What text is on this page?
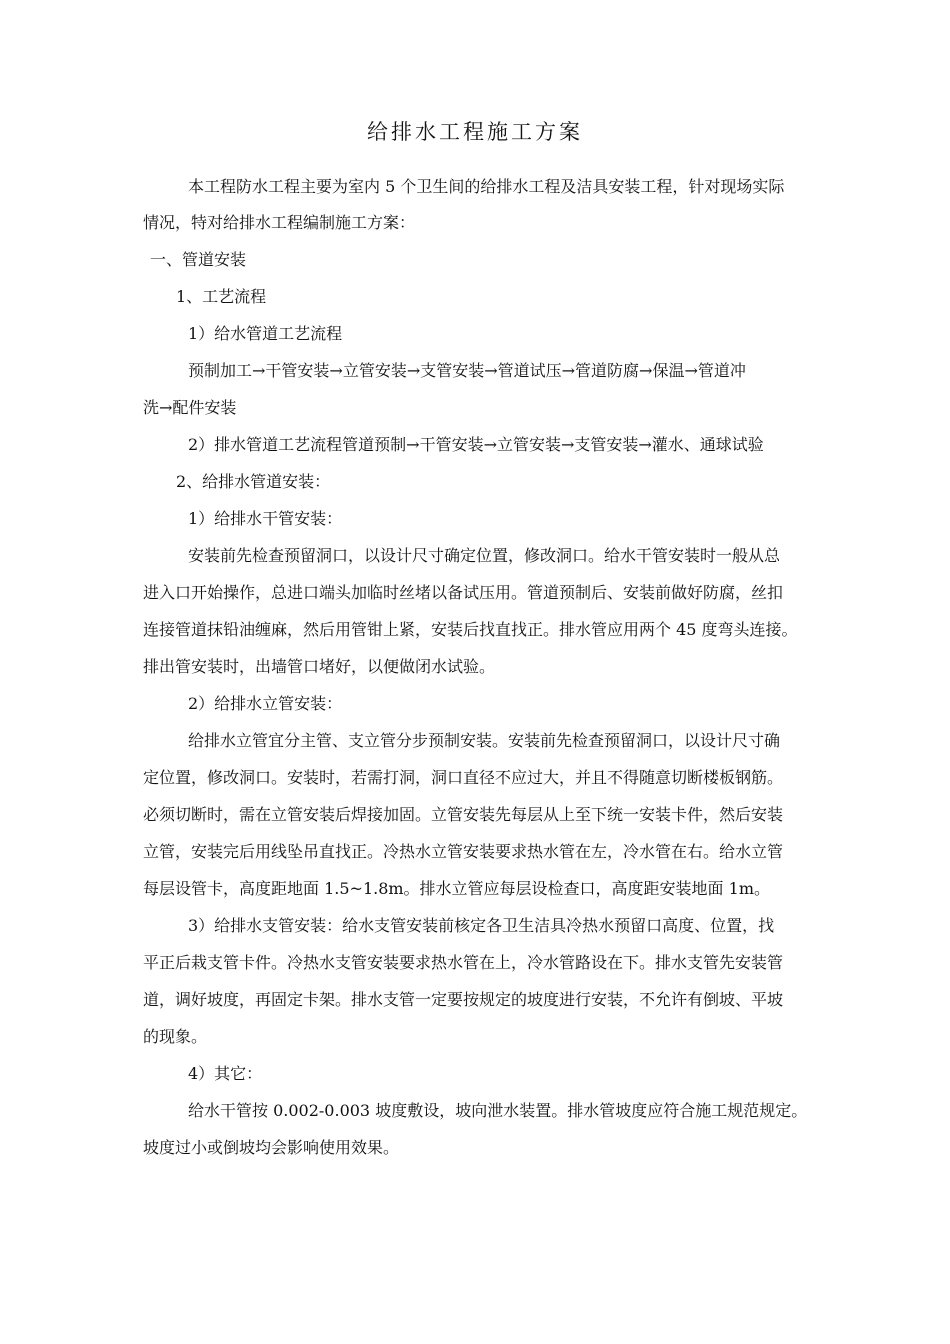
给排水工程施工方案
本工程防水工程主要为室内 5 个卫生间的给排水工程及洁具安装工程，针对现场实际
情况，特对给排水工程编制施工方案：
一、管道安装
1、工艺流程
1）给水管道工艺流程
预制加工→干管安装→立管安装→支管安装→管道试压→管道防腐→保温→管道冲
洗→配件安装
2）排水管道工艺流程管道预制→干管安装→立管安装→支管安装→灌水、通球试验
2、给排水管道安装：
1）给排水干管安装：
安装前先检查预留洞口，以设计尺寸确定位置，修改洞口。给水干管安装时一般从总
进入口开始操作，总进口端头加临时丝堵以备试压用。管道预制后、安装前做好防腐，丝扣
连接管道抹铅油缠麻，然后用管钳上紧，安装后找直找正。排水管应用两个 45 度弯头连接。
排出管安装时，出墙管口堵好，以便做闭水试验。
2）给排水立管安装：
给排水立管宜分主管、支立管分步预制安装。安装前先检查预留洞口，以设计尺寸确
定位置，修改洞口。安装时，若需打洞，洞口直径不应过大，并且不得随意切断楼板钢筋。
必须切断时，需在立管安装后焊接加固。立管安装先每层从上至下统一安装卡件，然后安装
立管，安装完后用线坠吊直找正。冷热水立管安装要求热水管在左，冷水管在右。给水立管
每层设管卡，高度距地面 1.5~1.8m。排水立管应每层设检查口，高度距安装地面 1m。
3）给排水支管安装：给水支管安装前核定各卫生洁具冷热水预留口高度、位置，找
平正后栽支管卡件。冷热水支管安装要求热水管在上，冷水管路设在下。排水支管先安装管
道，调好坡度，再固定卡架。排水支管一定要按规定的坡度进行安装，不允许有倒坡、平坡
的现象。
4）其它：
给水干管按 0.002-0.003 坡度敷设，坡向泄水装置。排水管坡度应符合施工规范规定。
坡度过小或倒坡均会影响使用效果。
